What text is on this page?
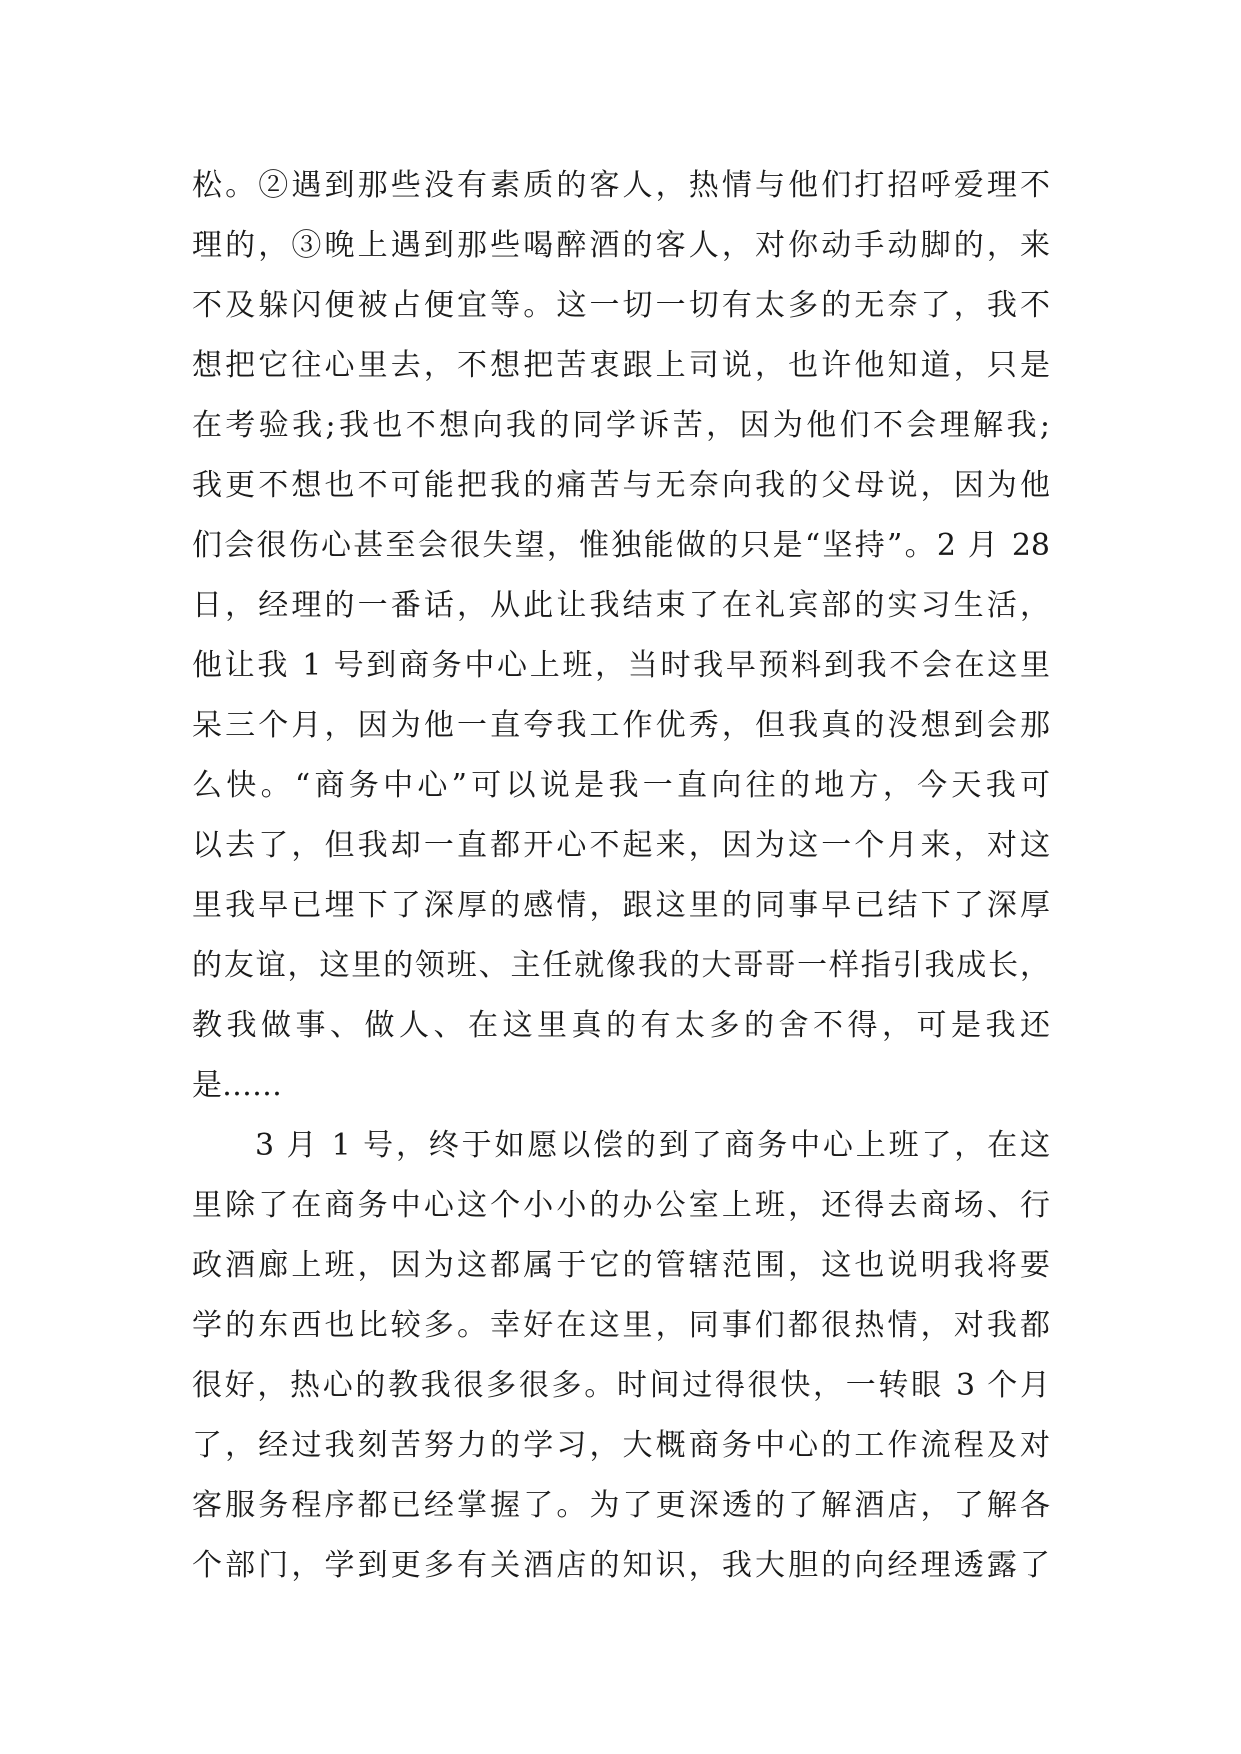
松。②遇到那些没有素质的客人，热情与他们打招呼爱理不
理的，③晚上遇到那些喝醉酒的客人，对你动手动脚的，来
不及躲闪便被占便宜等。这一切一切有太多的无奈了，我不
想把它往心里去，不想把苦衷跟上司说，也许他知道，只是
在考验我;我也不想向我的同学诉苦，因为他们不会理解我;
我更不想也不可能把我的痛苦与无奈向我的父母说，因为他
们会很伤心甚至会很失望，惟独能做的只是“坚持”。2 月 28
日，经理的一番话，从此让我结束了在礼宾部的实习生活，
他让我 1 号到商务中心上班，当时我早预料到我不会在这里
呆三个月，因为他一直夸我工作优秀，但我真的没想到会那
么快。“商务中心”可以说是我一直向往的地方，今天我可
以去了，但我却一直都开心不起来，因为这一个月来，对这
里我早已埋下了深厚的感情，跟这里的同事早已结下了深厚
的友谊，这里的领班、主任就像我的大哥哥一样指引我成长，
教我做事、做人、在这里真的有太多的舍不得，可是我还
是……
3 月 1 号，终于如愿以偿的到了商务中心上班了，在这
里除了在商务中心这个小小的办公室上班，还得去商场、行
政酒廊上班，因为这都属于它的管辖范围，这也说明我将要
学的东西也比较多。幸好在这里，同事们都很热情，对我都
很好，热心的教我很多很多。时间过得很快，一转眼 3 个月
了，经过我刻苦努力的学习，大概商务中心的工作流程及对
客服务程序都已经掌握了。为了更深透的了解酒店，了解各
个部门，学到更多有关酒店的知识，我大胆的向经理透露了
